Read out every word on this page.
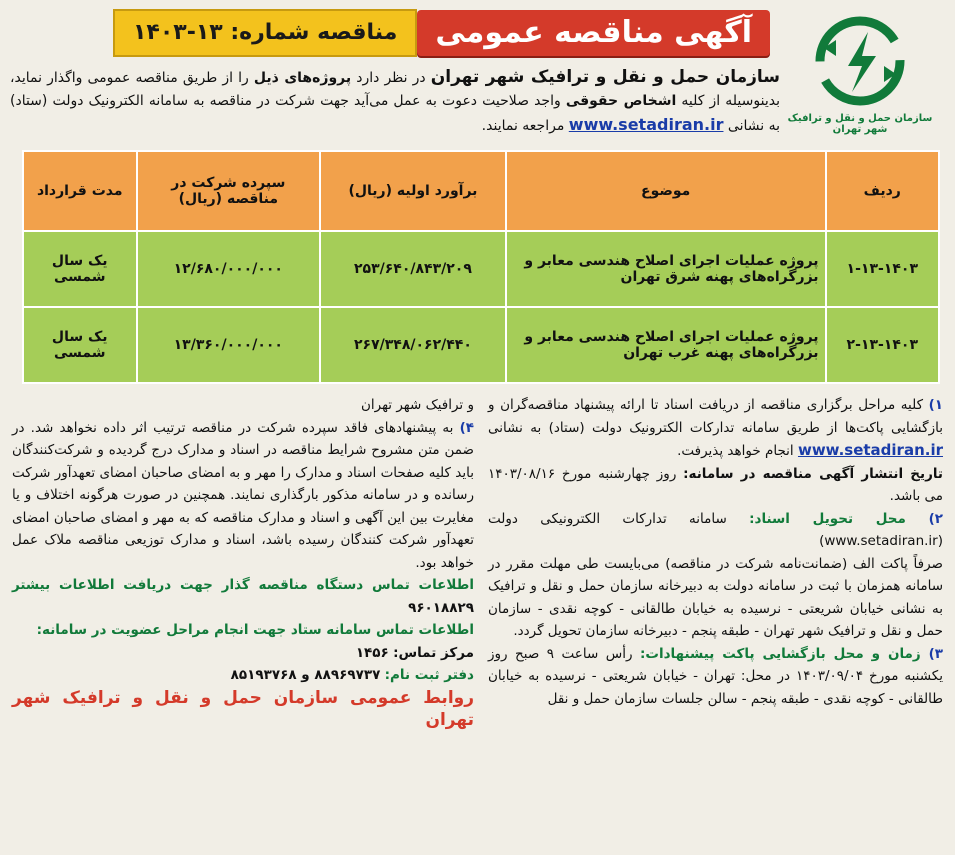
آگهی مناقصه عمومی
مناقصه شماره: ۱۳-۱۴۰۳
سازمان حمل و نقل و ترافیک شهر تهران
سازمان حمل و نقل و ترافیک شهر تهران در نظر دارد پروژه‌های ذیل را از طریق مناقصه عمومی واگذار نماید، بدینوسیله از کلیه اشخاص حقوقی واجد صلاحیت دعوت به عمل می‌آید جهت شرکت در مناقصه به سامانه الکترونیک دولت (ستاد) به نشانی www.setadiran.ir مراجعه نمایند.
ردیف	موضوع	برآورد اولیه (ریال)	سپرده شرکت در مناقصه (ریال)	مدت قرارداد
۱-۱۳-۱۴۰۳	پروژه عملیات اجرای اصلاح هندسی معابر و بزرگراه‌های پهنه شرق تهران	۲۵۳/۶۴۰/۸۴۳/۲۰۹	۱۲/۶۸۰/۰۰۰/۰۰۰	یک سال شمسی
۲-۱۳-۱۴۰۳	پروژه عملیات اجرای اصلاح هندسی معابر و بزرگراه‌های پهنه غرب تهران	۲۶۷/۳۴۸/۰۶۲/۴۴۰	۱۳/۳۶۰/۰۰۰/۰۰۰	یک سال شمسی

۱) کلیه مراحل برگزاری مناقصه از دریافت اسناد تا ارائه پیشنهاد مناقصه‌گران و بازگشایی پاکت‌ها از طریق سامانه تدارکات الکترونیک دولت (ستاد) به نشانی www.setadiran.ir انجام خواهد پذیرفت.

تاریخ انتشار آگهی مناقصه در سامانه: روز چهارشنبه مورخ ۱۴۰۳/۰۸/۱۶ می باشد.

۲) محل تحویل اسناد: سامانه تدارکات الکترونیکی دولت (www.setadiran.ir)

صرفاً پاکت الف (ضمانت‌نامه شرکت در مناقصه) می‌بایست طی مهلت مقرر در سامانه همزمان با ثبت در سامانه دولت به دبیرخانه سازمان حمل و نقل و ترافیک به نشانی خیابان شریعتی - نرسیده به خیابان طالقانی - کوچه نقدی - سازمان حمل و نقل و ترافیک شهر تهران - طبقه پنجم - دبیرخانه سازمان تحویل گردد.

۳) زمان و محل بازگشایی پاکت پیشنهادات: رأس ساعت ۹ صبح روز یکشنبه مورخ ۱۴۰۳/۰۹/۰۴ در محل: تهران - خیابان شریعتی - نرسیده به خیابان طالقانی - کوچه نقدی - طبقه پنجم - سالن جلسات سازمان حمل و نقل

و ترافیک شهر تهران

۴) به پیشنهادهای فاقد سپرده شرکت در مناقصه ترتیب اثر داده نخواهد شد. در ضمن متن مشروح شرایط مناقصه در اسناد و مدارک درج گردیده و شرکت‌کنندگان باید کلیه صفحات اسناد و مدارک را مهر و به امضای صاحبان امضای تعهدآور شرکت رسانده و در سامانه مذکور بارگذاری نمایند. همچنین در صورت هرگونه اختلاف و یا مغایرت بین این آگهی و اسناد و مدارک مناقصه که به مهر و امضای صاحبان امضای تعهدآور شرکت کنندگان رسیده باشد، اسناد و مدارک توزیعی مناقصه ملاک عمل خواهد بود.

اطلاعات تماس دستگاه مناقصه گذار جهت دریافت اطلاعات بیشتر ۹۶۰۱۸۸۲۹

اطلاعات تماس سامانه ستاد جهت انجام مراحل عضویت در سامانه:

مرکز تماس: ۱۴۵۶

دفتر ثبت نام: ۸۸۹۶۹۷۳۷ و ۸۵۱۹۳۷۶۸

روابط عمومی سازمان حمل و نقل و ترافیک شهر تهران
